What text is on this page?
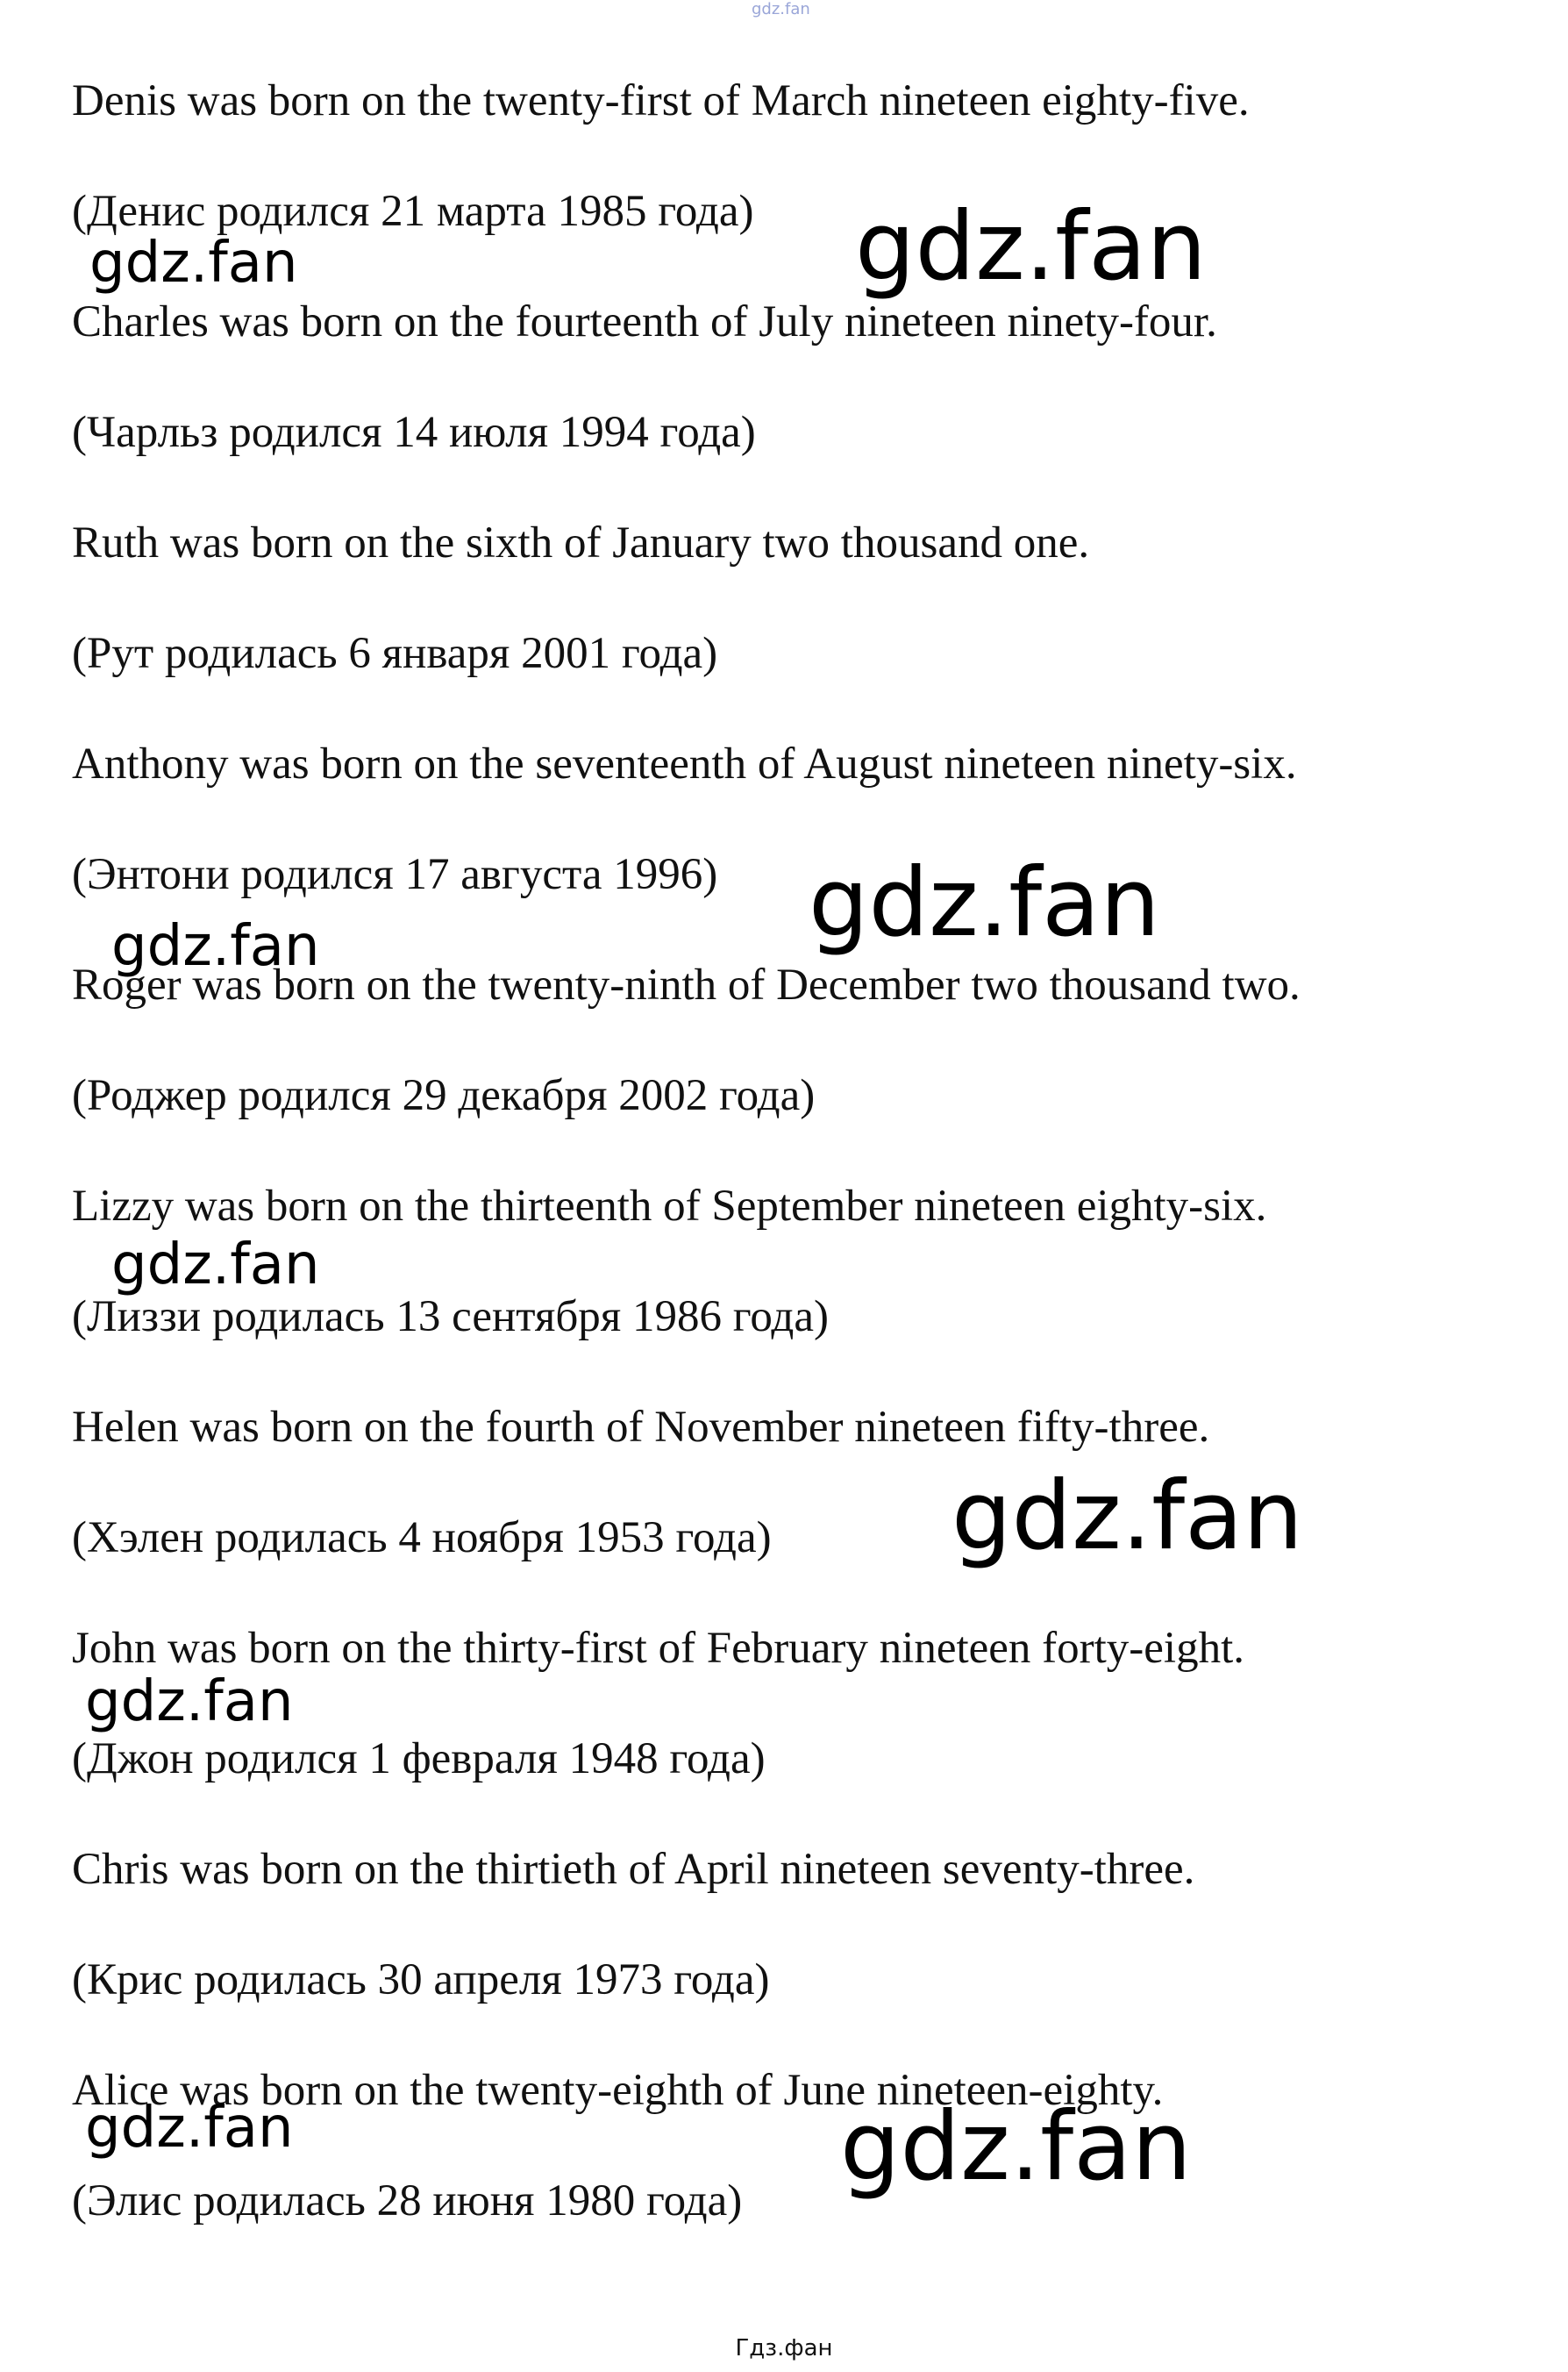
gdz.fan

Denis was born on the twenty-first of March nineteen eighty-five.

(Денис родился 21 марта 1985 года)

Charles was born on the fourteenth of July nineteen ninety-four.

(Чарльз родился 14 июля 1994 года)

Ruth was born on the sixth of January two thousand one.

(Рут родилась 6 января 2001 года)

Anthony was born on the seventeenth of August nineteen ninety-six.

(Энтони родился 17 августа 1996)

Roger was born on the twenty-ninth of December two thousand two.

(Роджер родился 29 декабря 2002 года)

Lizzy was born on the thirteenth of September nineteen eighty-six.

(Лиззи родилась 13 сентября 1986 года)

Helen was born on the fourth of November nineteen fifty-three.

(Хэлен родилась 4 ноября 1953 года)

John was born on the thirty-first of February nineteen forty-eight.

(Джон родился 1 февраля 1948 года)

Chris was born on the thirtieth of April nineteen seventy-three.

(Крис родилась 30 апреля 1973 года)

Alice was born on the twenty-eighth of June nineteen-eighty.

(Элис родилась 28 июня 1980 года)

gdz.fan
gdz.fan
gdz.fan
gdz.fan
gdz.fan
gdz.fan
gdz.fan
gdz.fan	gdz.fan
Гдз.фан
